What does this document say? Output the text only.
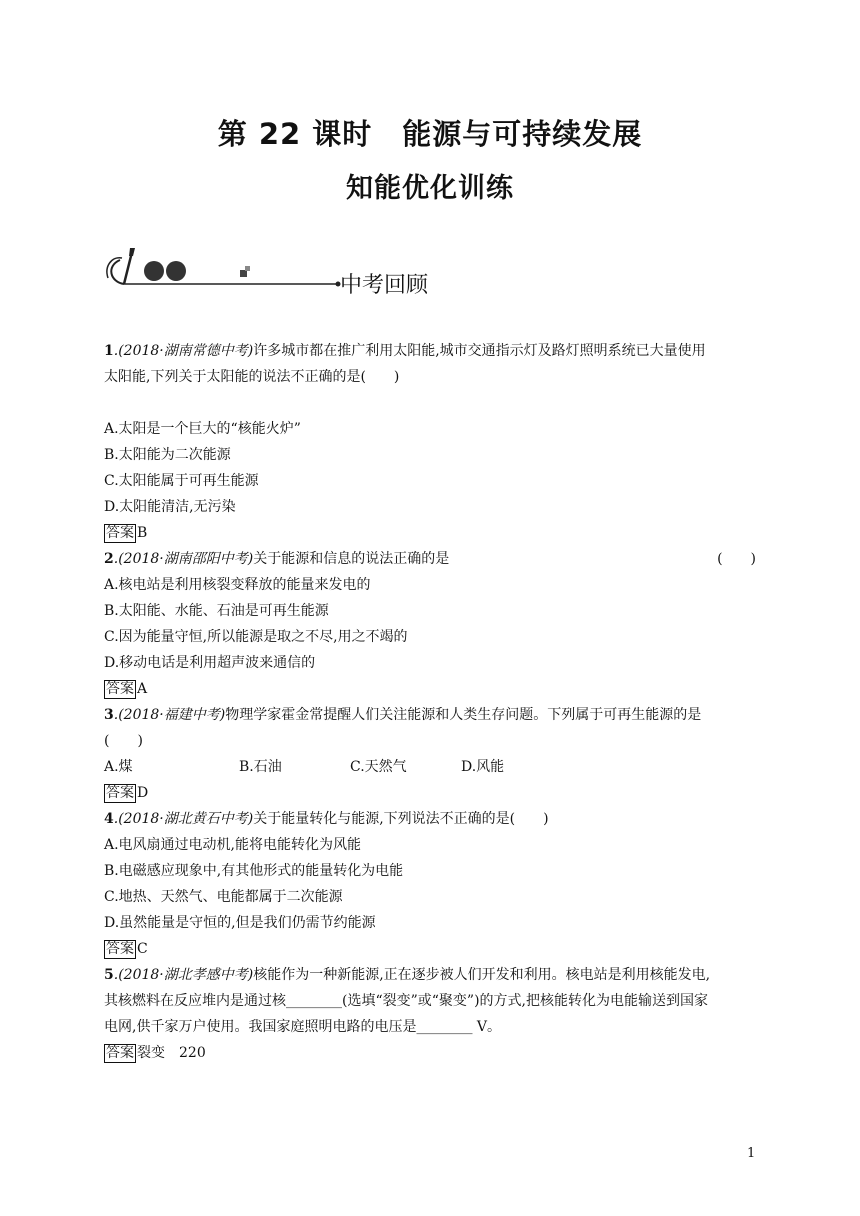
第 22 课时　能源与可持续发展
知能优化训练
中考回顾
1.(2018·湖南常德中考)许多城市都在推广利用太阳能,城市交通指示灯及路灯照明系统已大量使用
太阳能,下列关于太阳能的说法不正确的是(　　)
A.太阳是一个巨大的“核能火炉”
B.太阳能为二次能源
C.太阳能属于可再生能源
D.太阳能清洁,无污染
答案 B
2.(2018·湖南邵阳中考)关于能源和信息的说法正确的是	(　　)
A.核电站是利用核裂变释放的能量来发电的
B.太阳能、水能、石油是可再生能源
C.因为能量守恒,所以能源是取之不尽,用之不竭的
D.移动电话是利用超声波来通信的
答案 A
3.(2018·福建中考)物理学家霍金常提醒人们关注能源和人类生存问题。下列属于可再生能源的是
(　　)
A.煤	B.石油	C.天然气	D.风能
答案 D
4.(2018·湖北黄石中考)关于能量转化与能源,下列说法不正确的是(　　)
A.电风扇通过电动机,能将电能转化为风能
B.电磁感应现象中,有其他形式的能量转化为电能
C.地热、天然气、电能都属于二次能源
D.虽然能量是守恒的,但是我们仍需节约能源
答案 C
5.(2018·湖北孝感中考)核能作为一种新能源,正在逐步被人们开发和利用。核电站是利用核能发电,
其核燃料在反应堆内是通过核________(选填“裂变”或“聚变”)的方式,把核能转化为电能输送到国家
电网,供千家万户使用。我国家庭照明电路的电压是________ V。
答案 裂变　220
1
